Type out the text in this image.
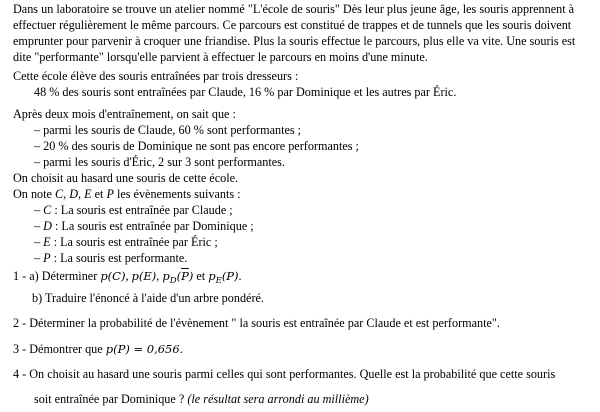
Dans un laboratoire se trouve un atelier nommé "L'école de souris" Dès leur plus jeune âge, les souris apprennent à effectuer régulièrement le même parcours. Ce parcours est constitué de trappes et de tunnels que les souris doivent emprunter pour parvenir à croquer une friandise. Plus la souris effectue le parcours, plus elle va vite. Une souris est dite "performante" lorsqu'elle parvient à effectuer le parcours en moins d'une minute.
Cette école élève des souris entraînées par trois dresseurs :
48 % des souris sont entraînées par Claude, 16 % par Dominique et les autres par Éric.
Après deux mois d'entraînement, on sait que :
– parmi les souris de Claude, 60 % sont performantes ;
– 20 % des souris de Dominique ne sont pas encore performantes ;
– parmi les souris d'Éric, 2 sur 3 sont performantes.
On choisit au hasard une souris de cette école.
On note C, D, E et P les évènements suivants :
– C : La souris est entraînée par Claude ;
– D : La souris est entraînée par Dominique ;
– E : La souris est entraînée par Éric ;
– P : La souris est performante.
1 - a) Déterminer p(C), p(E), $p_D(\overline{P})$ et $p_E(P)$.
b) Traduire l'énoncé à l'aide d'un arbre pondéré.
2 - Déterminer la probabilité de l'évènement " la souris est entraînée par Claude et est performante".
3 - Démontrer que p(P) = 0,656.
4 - On choisit au hasard une souris parmi celles qui sont performantes. Quelle est la probabilité que cette souris
soit entraînée par Dominique ? (le résultat sera arrondi au millième)
